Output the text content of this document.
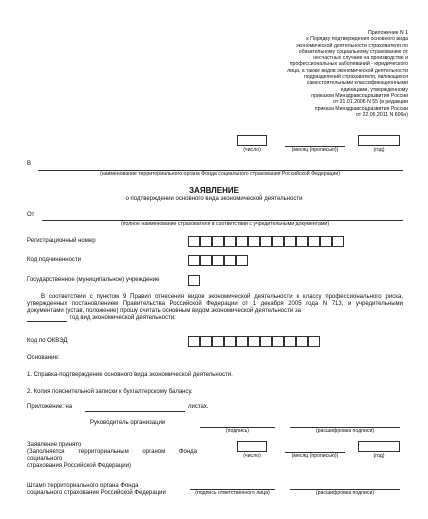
Приложение N 1
к Порядку подтверждения основного вида
экономической деятельности страхователя по
обязательному социальному страхованию от
несчастных случаев на производстве и
профессиональных заболеваний - юридического
лица, а также видов экономической деятельности
подразделений страхователя, являющихся
самостоятельными классификационными
единицами, утвержденному
приказом Минздравсоцразвития России
от 31.01.2006 N 55 (в редакции
приказа Минздравсоцразвития России
от 22.06.2011 N 606н)
(число)	(месяц (прописью))	(год)
В
(наименование территориального органа Фонда социального страхования Российской Федерации)
ЗАЯВЛЕНИЕ
о подтверждении основного вида экономической деятельности
От
(полное наименование страхователя в соответствии с учредительными документами)
Регистрационный номер
Код подчиненности
Государственное (муниципальное) учреждение
В соответствии с пунктом 9 Правил отнесения видов экономической деятельности к классу профессионального риска, утвержденных постановлением Правительства Российской Федерации от 1 декабря 2005 года N 713, и учредительными документами (устав, положение) прошу считать основным видом экономической деятельности за
год вид экономической деятельности:
Код по ОКВЭД
Основание:
1. Справка-подтверждение основного вида экономической деятельности.
2. Копия пояснительной записки к бухгалтерскому балансу.
Приложение: на	листах.
Руководитель организации
(подпись)	(расшифровка подписи)
Заявление принято
(Заполняется территориальным органом Фонда социального
страхования Российской Федерации)
(число)	(месяц (прописью))	(год)
Штамп территориального органа Фонда
социального страхования Российской Федерации	(подпись ответственного лица)	(расшифровка подписи)
